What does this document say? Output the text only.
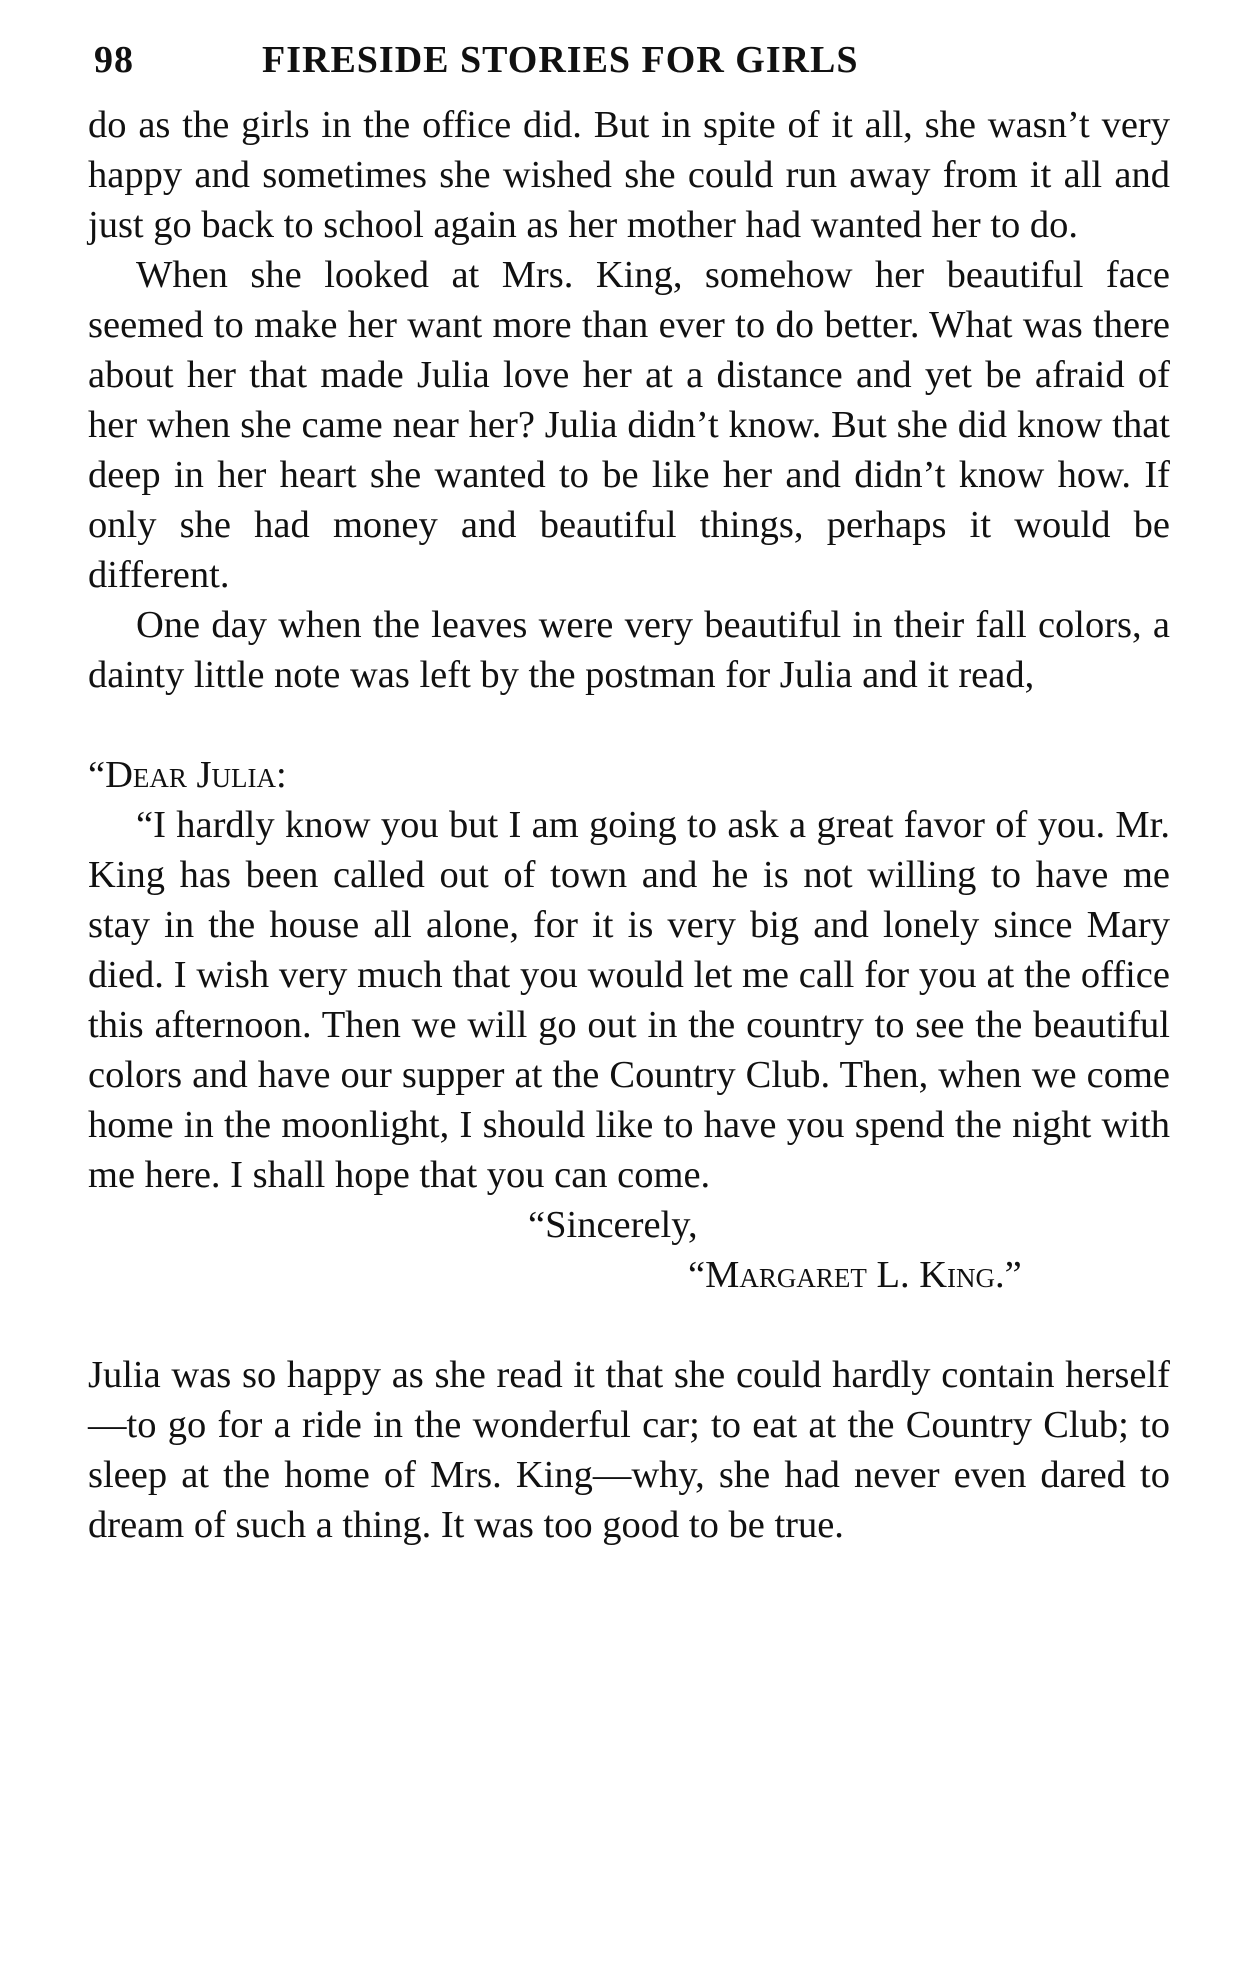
98	FIRESIDE STORIES FOR GIRLS

do as the girls in the office did. But in spite of it all, she wasn’t very happy and sometimes she wished she could run away from it all and just go back to school again as her mother had wanted her to do.

When she looked at Mrs. King, somehow her beautiful face seemed to make her want more than ever to do better. What was there about her that made Julia love her at a distance and yet be afraid of her when she came near her? Julia didn’t know. But she did know that deep in her heart she wanted to be like her and didn’t know how. If only she had money and beautiful things, perhaps it would be different.

One day when the leaves were very beautiful in their fall colors, a dainty little note was left by the postman for Julia and it read,

“Dear Julia:

“I hardly know you but I am going to ask a great favor of you. Mr. King has been called out of town and he is not willing to have me stay in the house all alone, for it is very big and lonely since Mary died. I wish very much that you would let me call for you at the office this afternoon. Then we will go out in the country to see the beautiful colors and have our supper at the Country Club. Then, when we come home in the moonlight, I should like to have you spend the night with me here. I shall hope that you can come.

“Sincerely,

“Margaret L. King.”

Julia was so happy as she read it that she could hardly contain herself—to go for a ride in the wonderful car; to eat at the Country Club; to sleep at the home of Mrs. King—why, she had never even dared to dream of such a thing. It was too good to be true.
